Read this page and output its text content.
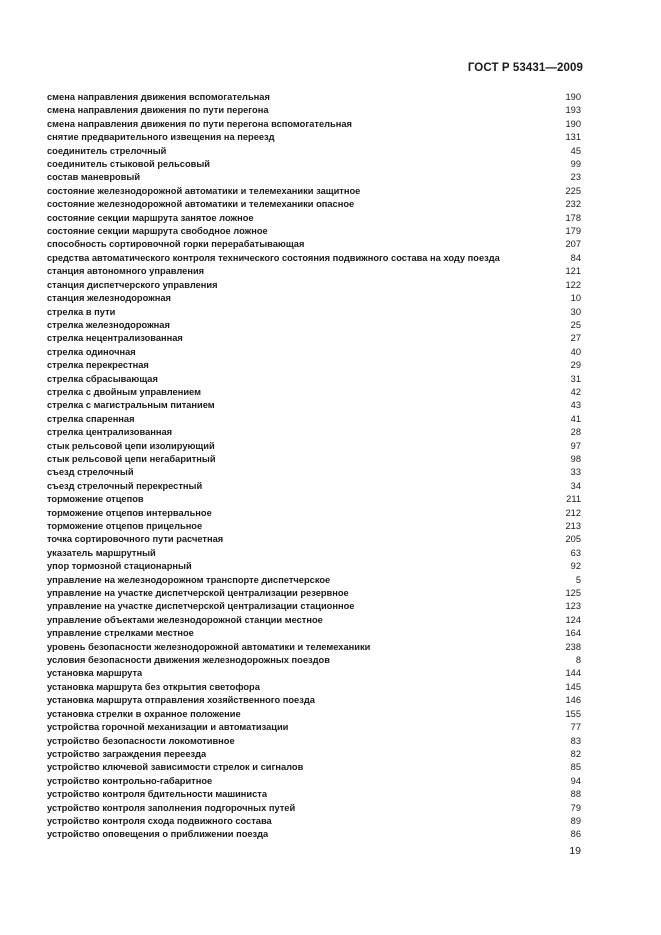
ГОСТ Р 53431—2009
смена направления движения вспомогательная	190
смена направления движения по пути перегона	193
смена направления движения по пути перегона вспомогательная	190
снятие предварительного извещения на переезд	131
соединитель стрелочный	45
соединитель стыковой рельсовый	99
состав маневровый	23
состояние железнодорожной автоматики и телемеханики защитное	225
состояние железнодорожной автоматики и телемеханики опасное	232
состояние секции маршрута занятое ложное	178
состояние секции маршрута свободное ложное	179
способность сортировочной горки перерабатывающая	207
средства автоматического контроля технического состояния подвижного состава на ходу поезда	84
станция автономного управления	121
станция диспетчерского управления	122
станция железнодорожная	10
стрелка в пути	30
стрелка железнодорожная	25
стрелка нецентрализованная	27
стрелка одиночная	40
стрелка перекрестная	29
стрелка сбрасывающая	31
стрелка с двойным управлением	42
стрелка с магистральным питанием	43
стрелка спаренная	41
стрелка централизованная	28
стык рельсовой цепи изолирующий	97
стык рельсовой цепи негабаритный	98
съезд стрелочный	33
съезд стрелочный перекрестный	34
торможение отцепов	211
торможение отцепов интервальное	212
торможение отцепов прицельное	213
точка сортировочного пути расчетная	205
указатель маршрутный	63
упор тормозной стационарный	92
управление на железнодорожном транспорте диспетчерское	5
управление на участке диспетчерской централизации резервное	125
управление на участке диспетчерской централизации стационное	123
управление объектами железнодорожной станции местное	124
управление стрелками местное	164
уровень безопасности железнодорожной автоматики и телемеханики	238
условия безопасности движения железнодорожных поездов	8
установка маршрута	144
установка маршрута без открытия светофора	145
установка маршрута отправления хозяйственного поезда	146
установка стрелки в охранное положение	155
устройства горочной механизации и автоматизации	77
устройство безопасности локомотивное	83
устройство заграждения переезда	82
устройство ключевой зависимости стрелок и сигналов	85
устройство контрольно-габаритное	94
устройство контроля бдительности машиниста	88
устройство контроля заполнения подгорочных путей	79
устройство контроля схода подвижного состава	89
устройство оповещения о приближении поезда	86
19
